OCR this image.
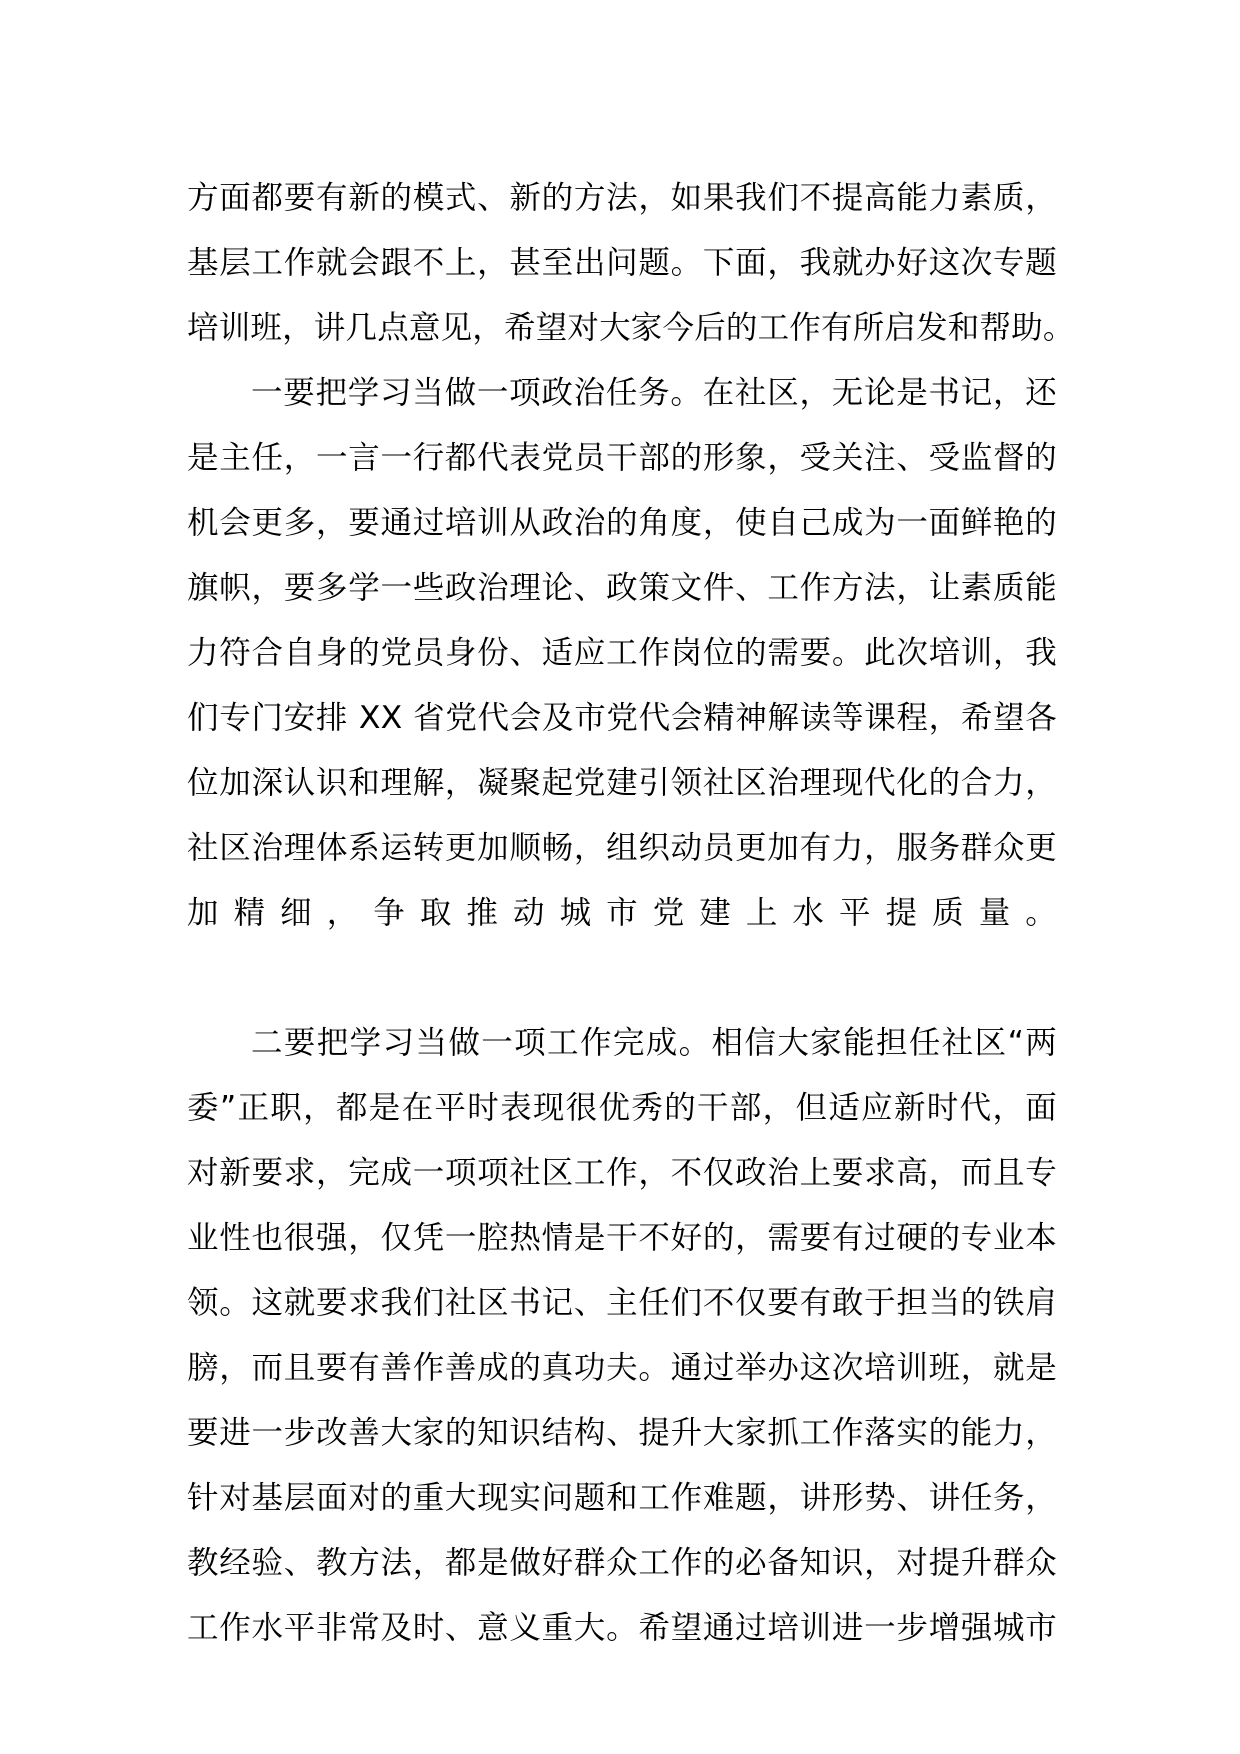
方面都要有新的模式、新的方法，如果我们不提高能力素质，
基层工作就会跟不上，甚至出问题。下面，我就办好这次专题
培训班，讲几点意见，希望对大家今后的工作有所启发和帮助。
一要把学习当做一项政治任务。在社区，无论是书记，还
是主任，一言一行都代表党员干部的形象，受关注、受监督的
机会更多，要通过培训从政治的角度，使自己成为一面鲜艳的
旗帜，要多学一些政治理论、政策文件、工作方法，让素质能
力符合自身的党员身份、适应工作岗位的需要。此次培训，我
们专门安排 XX 省党代会及市党代会精神解读等课程，希望各
位加深认识和理解，凝聚起党建引领社区治理现代化的合力，
社区治理体系运转更加顺畅，组织动员更加有力，服务群众更
加精细，争取推动城市党建上水平提质量。
二要把学习当做一项工作完成。相信大家能担任社区“两
委”正职，都是在平时表现很优秀的干部，但适应新时代，面
对新要求，完成一项项社区工作，不仅政治上要求高，而且专
业性也很强，仅凭一腔热情是干不好的，需要有过硬的专业本
领。这就要求我们社区书记、主任们不仅要有敢于担当的铁肩
膀，而且要有善作善成的真功夫。通过举办这次培训班，就是
要进一步改善大家的知识结构、提升大家抓工作落实的能力，
针对基层面对的重大现实问题和工作难题，讲形势、讲任务，
教经验、教方法，都是做好群众工作的必备知识，对提升群众
工作水平非常及时、意义重大。希望通过培训进一步增强城市
